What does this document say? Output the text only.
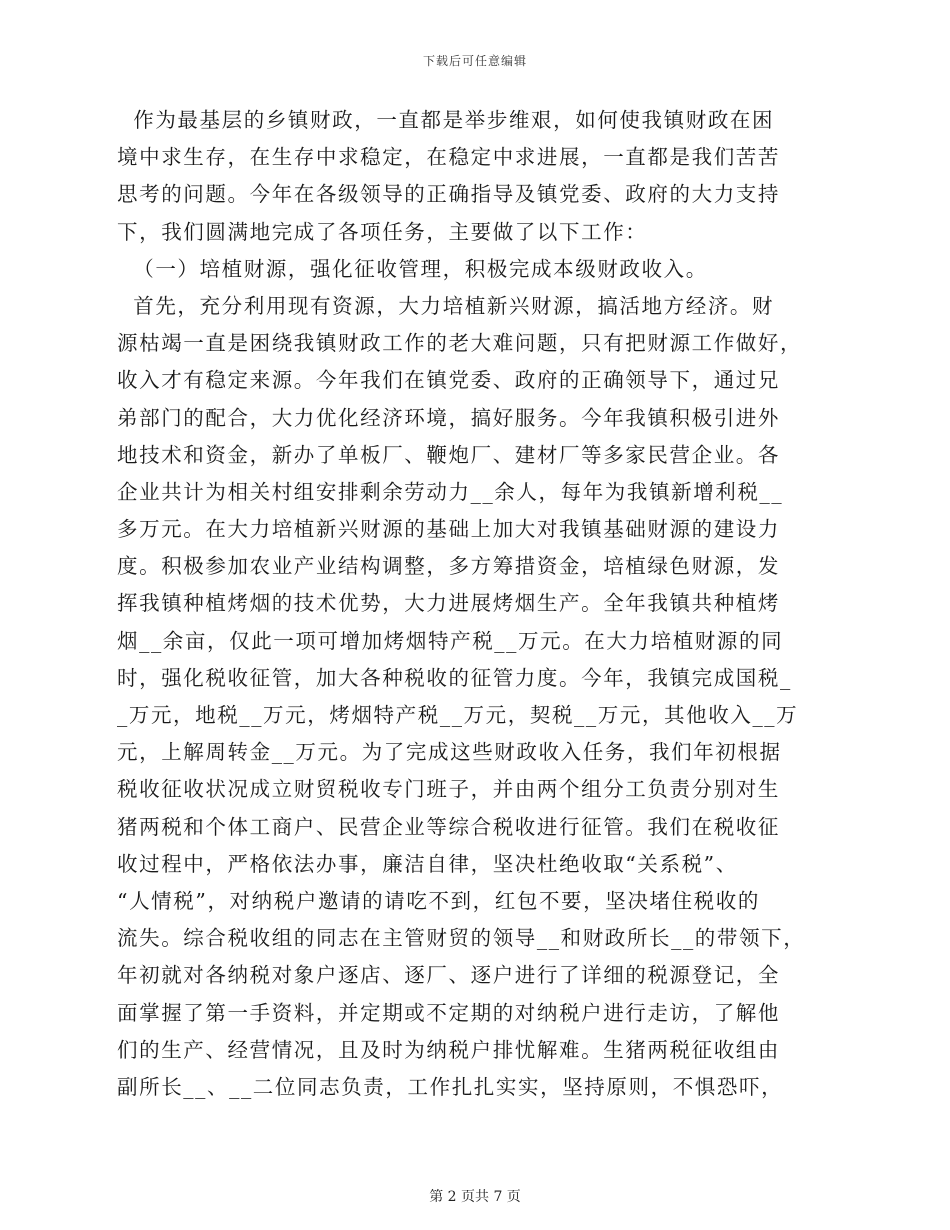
下载后可任意编辑
作为最基层的乡镇财政，一直都是举步维艰，如何使我镇财政在困
境中求生存，在生存中求稳定，在稳定中求进展，一直都是我们苦苦
思考的问题。今年在各级领导的正确指导及镇党委、政府的大力支持
下，我们圆满地完成了各项任务，主要做了以下工作：
（一）培植财源，强化征收管理，积极完成本级财政收入。
首先，充分利用现有资源，大力培植新兴财源，搞活地方经济。财
源枯竭一直是困绕我镇财政工作的老大难问题，只有把财源工作做好，
收入才有稳定来源。今年我们在镇党委、政府的正确领导下，通过兄
弟部门的配合，大力优化经济环境，搞好服务。今年我镇积极引进外
地技术和资金，新办了单板厂、鞭炮厂、建材厂等多家民营企业。各
企业共计为相关村组安排剩余劳动力__余人，每年为我镇新增利税__
多万元。在大力培植新兴财源的基础上加大对我镇基础财源的建设力
度。积极参加农业产业结构调整，多方筹措资金，培植绿色财源，发
挥我镇种植烤烟的技术优势，大力进展烤烟生产。全年我镇共种植烤
烟__余亩，仅此一项可增加烤烟特产税__万元。在大力培植财源的同
时，强化税收征管，加大各种税收的征管力度。今年，我镇完成国税_
_万元，地税__万元，烤烟特产税__万元，契税__万元，其他收入__万
元，上解周转金__万元。为了完成这些财政收入任务，我们年初根据
税收征收状况成立财贸税收专门班子，并由两个组分工负责分别对生
猪两税和个体工商户、民营企业等综合税收进行征管。我们在税收征
收过程中，严格依法办事，廉洁自律，坚决杜绝收取“关系税”、
“人情税”，对纳税户邀请的请吃不到，红包不要，坚决堵住税收的
流失。综合税收组的同志在主管财贸的领导__和财政所长__的带领下，
年初就对各纳税对象户逐店、逐厂、逐户进行了详细的税源登记，全
面掌握了第一手资料，并定期或不定期的对纳税户进行走访，了解他
们的生产、经营情况，且及时为纳税户排忧解难。生猪两税征收组由
副所长__、__二位同志负责，工作扎扎实实，坚持原则，不惧恐吓，
第 2 页共 7 页
